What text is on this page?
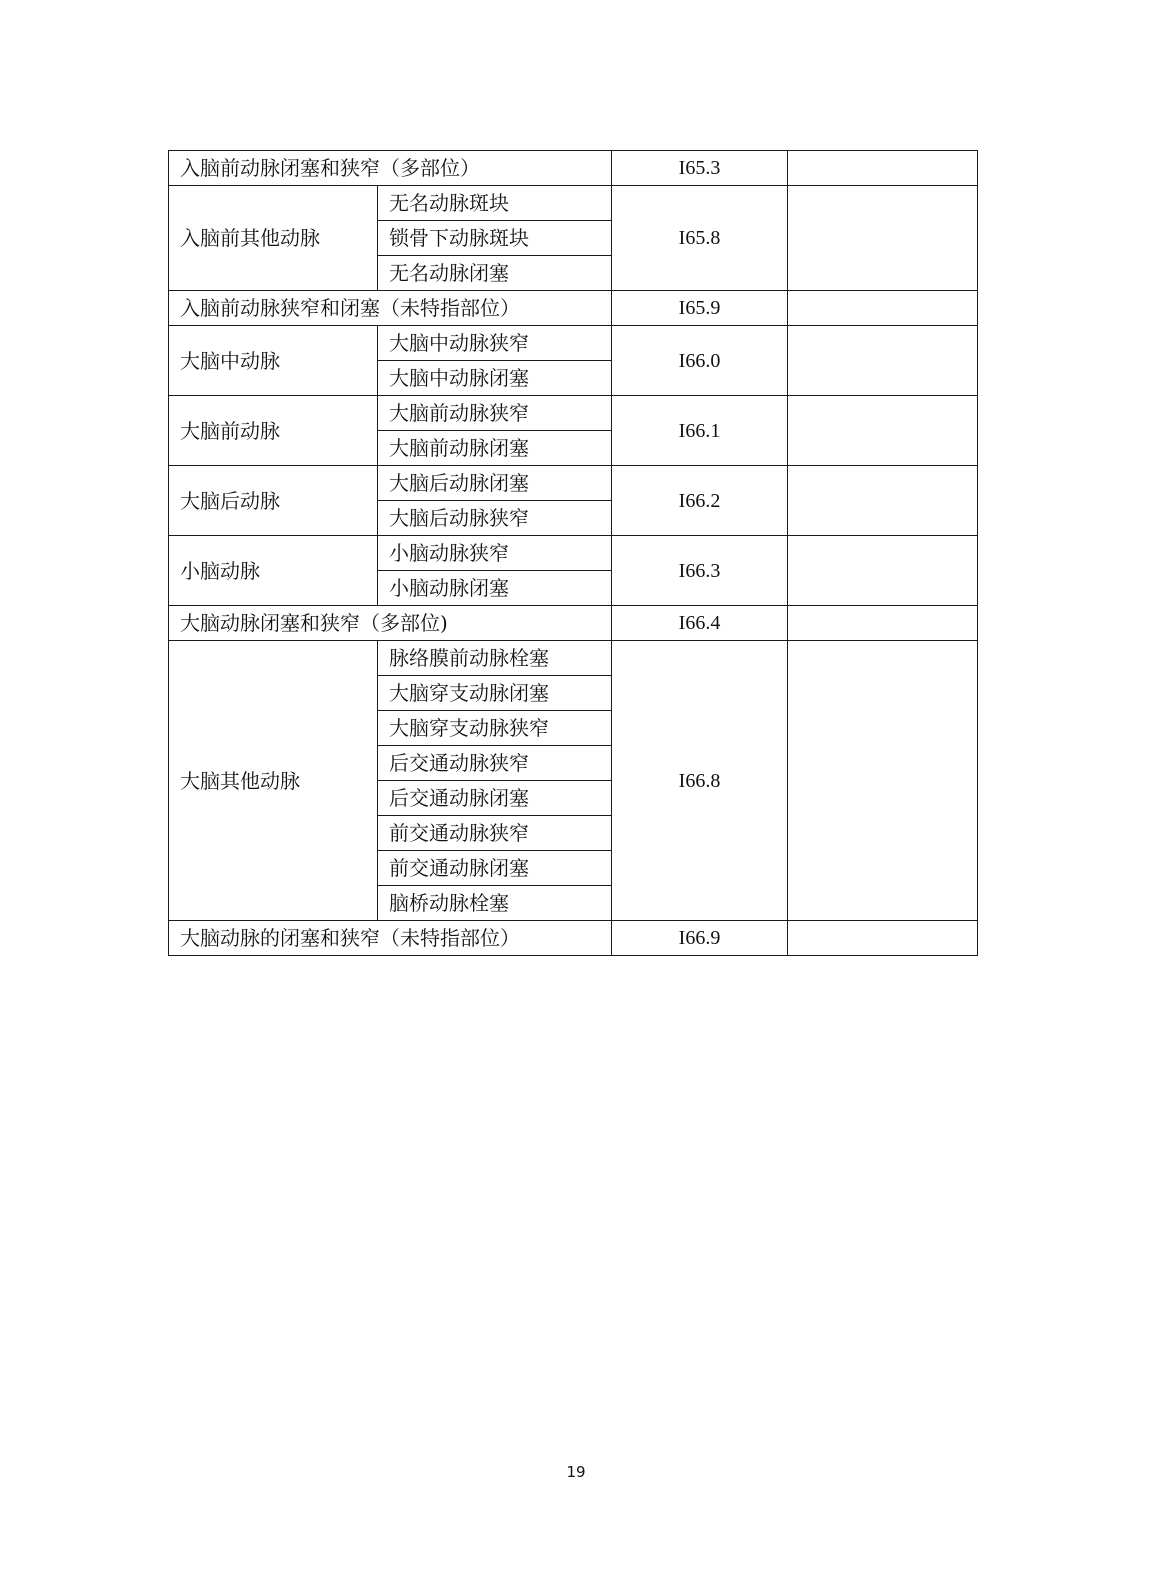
入脑前动脉闭塞和狭窄（多部位）		I65.3	
入脑前其他动脉	无名动脉斑块	I65.8	
	锁骨下动脉斑块		
	无名动脉闭塞		
入脑前动脉狭窄和闭塞（未特指部位）		I65.9	
大脑中动脉	大脑中动脉狭窄	I66.0	
	大脑中动脉闭塞		
大脑前动脉	大脑前动脉狭窄	I66.1	
	大脑前动脉闭塞		
大脑后动脉	大脑后动脉闭塞	I66.2	
	大脑后动脉狭窄		
小脑动脉	小脑动脉狭窄	I66.3	
	小脑动脉闭塞		
大脑动脉闭塞和狭窄（多部位)		I66.4	
大脑其他动脉	脉络膜前动脉栓塞	I66.8	
	大脑穿支动脉闭塞		
	大脑穿支动脉狭窄		
	后交通动脉狭窄		
	后交通动脉闭塞		
	前交通动脉狭窄		
	前交通动脉闭塞		
	脑桥动脉栓塞		
大脑动脉的闭塞和狭窄（未特指部位）		I66.9	
19
